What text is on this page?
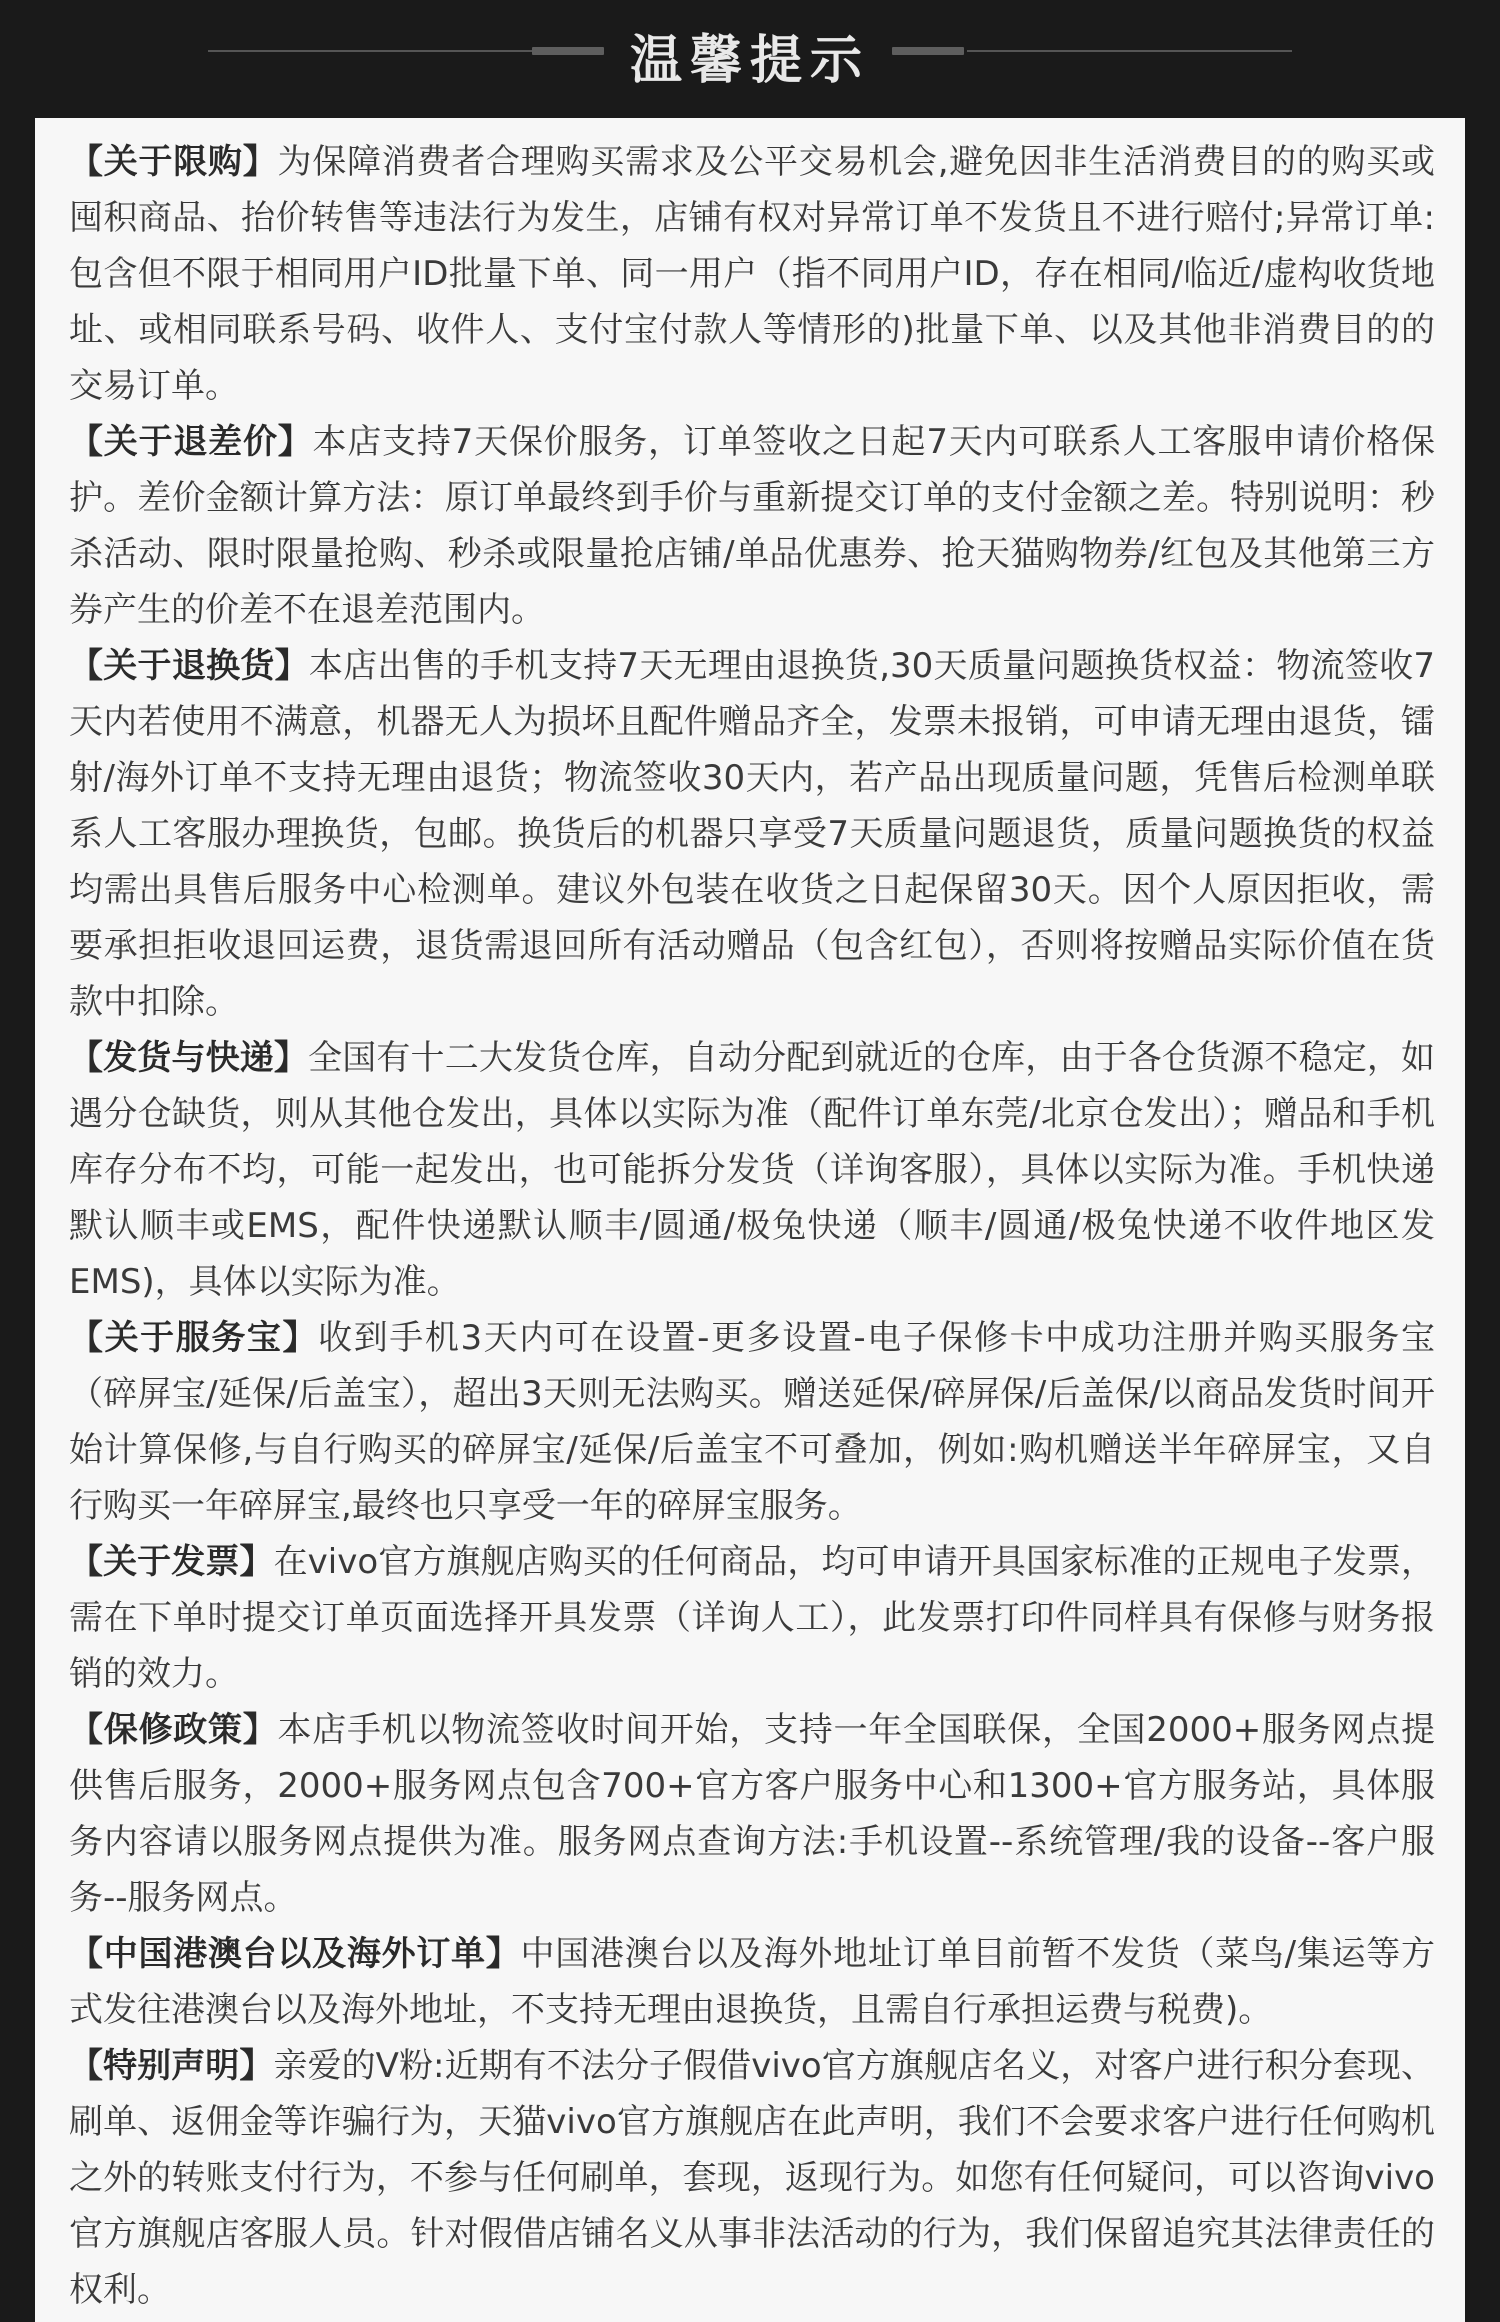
温馨提示

【关于限购】为保障消费者合理购买需求及公平交易机会,避免因非生活消费目的的购买或囤积商品、抬价转售等违法行为发生，店铺有权对异常订单不发货且不进行赔付;异常订单:包含但不限于相同用户ID批量下单、同一用户（指不同用户ID，存在相同/临近/虚构收货地址、或相同联系号码、收件人、支付宝付款人等情形的)批量下单、以及其他非消费目的的交易订单。

【关于退差价】本店支持7天保价服务，订单签收之日起7天内可联系人工客服申请价格保护。差价金额计算方法：原订单最终到手价与重新提交订单的支付金额之差。特别说明：秒杀活动、限时限量抢购、秒杀或限量抢店铺/单品优惠券、抢天猫购物券/红包及其他第三方券产生的价差不在退差范围内。

【关于退换货】本店出售的手机支持7天无理由退换货,30天质量问题换货权益：物流签收7天内若使用不满意，机器无人为损坏且配件赠品齐全，发票未报销，可申请无理由退货，镭射/海外订单不支持无理由退货；物流签收30天内，若产品出现质量问题，凭售后检测单联系人工客服办理换货，包邮。换货后的机器只享受7天质量问题退货，质量问题换货的权益均需出具售后服务中心检测单。建议外包装在收货之日起保留30天。因个人原因拒收，需要承担拒收退回运费，退货需退回所有活动赠品（包含红包），否则将按赠品实际价值在货款中扣除。

【发货与快递】全国有十二大发货仓库，自动分配到就近的仓库，由于各仓货源不稳定，如遇分仓缺货，则从其他仓发出，具体以实际为准（配件订单东莞/北京仓发出）；赠品和手机库存分布不均，可能一起发出，也可能拆分发货（详询客服），具体以实际为准。手机快递默认顺丰或EMS，配件快递默认顺丰/圆通/极兔快递（顺丰/圆通/极兔快递不收件地区发EMS)，具体以实际为准。

【关于服务宝】收到手机3天内可在设置-更多设置-电子保修卡中成功注册并购买服务宝（碎屏宝/延保/后盖宝），超出3天则无法购买。赠送延保/碎屏保/后盖保/以商品发货时间开始计算保修,与自行购买的碎屏宝/延保/后盖宝不可叠加，例如:购机赠送半年碎屏宝，又自行购买一年碎屏宝,最终也只享受一年的碎屏宝服务。

【关于发票】在vivo官方旗舰店购买的任何商品，均可申请开具国家标准的正规电子发票，需在下单时提交订单页面选择开具发票（详询人工），此发票打印件同样具有保修与财务报销的效力。

【保修政策】本店手机以物流签收时间开始，支持一年全国联保，全国2000+服务网点提供售后服务，2000+服务网点包含700+官方客户服务中心和1300+官方服务站，具体服务内容请以服务网点提供为准。服务网点查询方法:手机设置--系统管理/我的设备--客户服务--服务网点。

【中国港澳台以及海外订单】中国港澳台以及海外地址订单目前暂不发货（菜鸟/集运等方式发往港澳台以及海外地址，不支持无理由退换货，且需自行承担运费与税费)。

【特别声明】亲爱的V粉:近期有不法分子假借vivo官方旗舰店名义，对客户进行积分套现、刷单、返佣金等诈骗行为，天猫vivo官方旗舰店在此声明，我们不会要求客户进行任何购机之外的转账支付行为，不参与任何刷单，套现，返现行为。如您有任何疑问，可以咨询vivo官方旗舰店客服人员。针对假借店铺名义从事非法活动的行为，我们保留追究其法律责任的权利。
